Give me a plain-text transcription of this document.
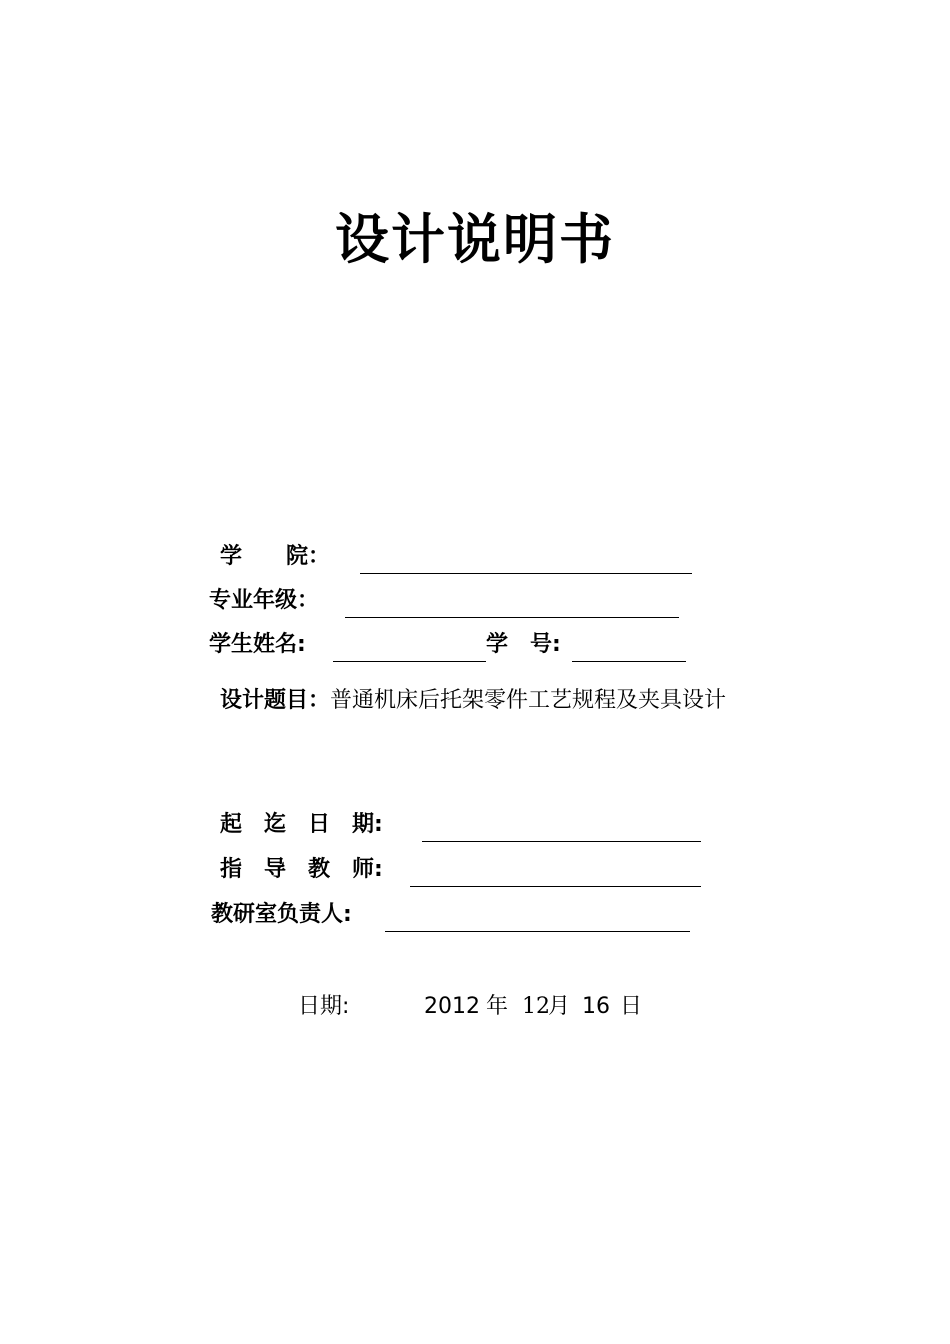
设计说明书
学　　院：
专业年级：
学生姓名:	学　号:
设计题目：普通机床后托架零件工艺规程及夹具设计
起　迄　日　期:
指　导　教　师:
教研室负责人:
日期:	2012 年 12月 16 日
